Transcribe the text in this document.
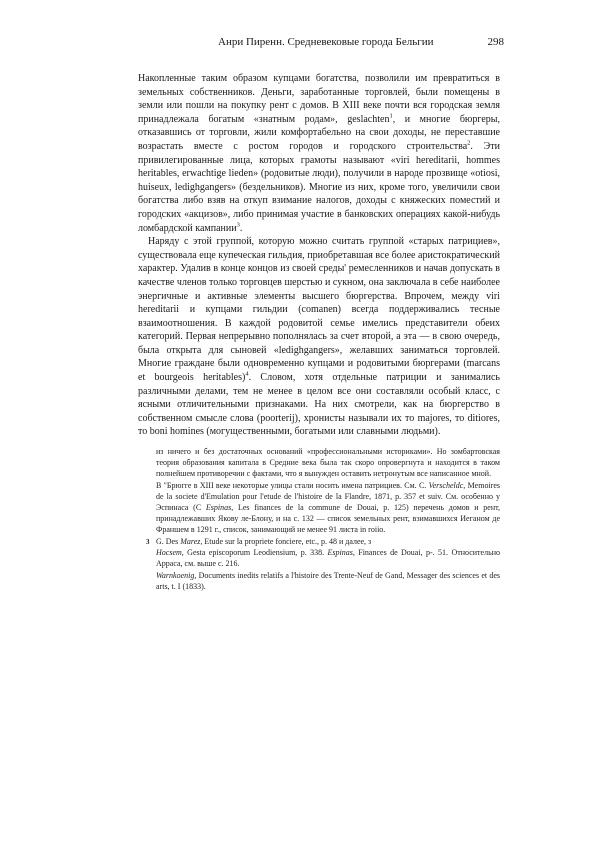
Анри Пиренн. Средневековые города Бельгии	298

Накопленные таким образом купцами богатства, позволили им превратиться в земельных собственников. Деньги, заработанные торговлей, были помещены в земли или пошли на покупку рент с домов. В XIII веке почти вся городская земля принадлежала богатым «знатным родам», geslachten$^1$, и многие бюргеры, отказавшись от торговли, жили комфортабельно на свои доходы, не переставшие возрастать вместе с ростом городов и городского строительства$^2$. Эти привилегированные лица, которых грамоты называют «viri hereditarii, hommes heritables, erwachtige lieden» (родовитые люди), получили в народе прозвище «otiosi, huiseux, ledighgangers» (бездельников). Многие из них, кроме того, увеличили свои богатства либо взяв на откуп взимание налогов, доходы с княжеских поместий и городских «акцизов», либо принимая участие в банковских операциях какой-нибудь ломбардской кампании$^3$.

Наряду с этой группой, которую можно считать группой «старых патрициев», существовала еще купеческая гильдия, приобретавшая все более аристократический характер. Удалив в конце концов из своей среды' ремесленников и начав допускать в качестве членов только торговцев шерстью и сукном, она заключала в себе наиболее энергичные и активные элементы высшего бюргерства. Впрочем, между viri hereditarii и купцами гильдии (comanen) всегда поддерживались тесные взаимоотношения. В каждой родовитой семье имелись представители обеих категорий. Первая непрерывно пополнялась за счет второй, а эта — в свою очередь, была открыта для сыновей «ledighgangers», желавших заниматься торговлей. Многие граждане были одновременно купцами и родовитыми бюргерами (marcans et bourgeois heritables)$^4$. Словом, хотя отдельные патриции и занимались различными делами, тем не менее в целом все они составляли особый класс, с ясными отличительными признаками. На них смотрели, как на бюргерство в собственном смысле слова (poorterij), хронисты называли их то majores, то ditiores, то boni homines (могущественными, богатыми или славными людьми).

из ничего и без достаточных оснований «профессиональными историками». Но зомбартовская теория образования капитала в Средние века была так скоро опровергнута и находится в таком полнейшем противоречии с фактами, что я вынужден оставить нетронутым все написанное мной.

В "Брюгге в XIII веке некоторые улицы стали носить имена патрициев. См. С. Verscheldc, Memoires de la societe d'Emulation pour l'etude de l'histoire de la Flandre, 1871, p. 357 et suiv. См. особенно у Эспинаса (С Espinas, Les finances de la commune de Douai, p. 125) перечень домов и рент, принадлежавших Якову ле-Блону, и на с. 132 — список земельных рент, взимавшихся Иеганом де Франшем в 1291 г., список, занимающий не менее 91 листа in roiio.

3 G. Des Marez, Etude sur la propriete fonciere, etc., p. 48 и далее, з
Hocsem, Gesta episcoporum Leodiensium, p. 338. Espinas, Finances de Douai, p-. 51. Относительно Арраса, см. выше с. 216.

Warnkoenig, Documents inedits relatifs a l'histoire des Trente-Neuf de Gand, Messager des sciences et des arts, t. I (1833).
